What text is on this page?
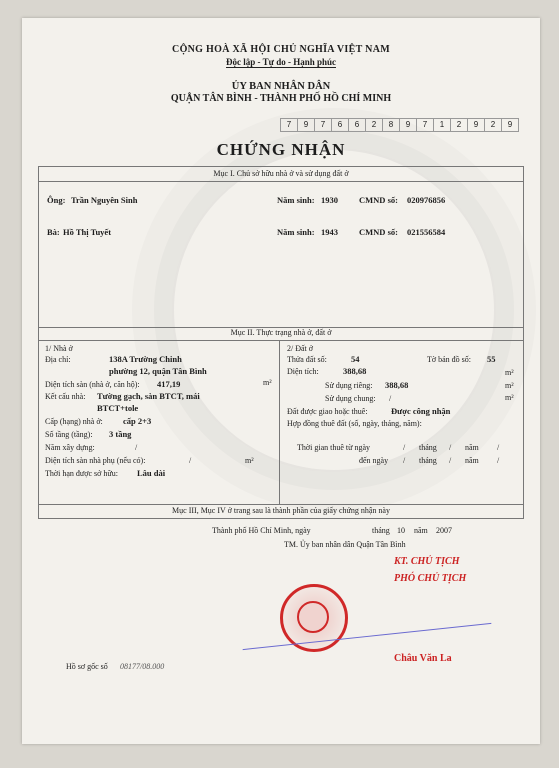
CỘNG HOÀ XÃ HỘI CHỦ NGHĨA VIỆT NAM
Độc lập - Tự do - Hạnh phúc
ỦY BAN NHÂN DÂN
QUẬN TÂN BÌNH - THÀNH PHỐ HỒ CHÍ MINH
7	9	7	6	6	2	8	9	7	1	2	9	2	9
CHỨNG NHẬN
Mục I. Chủ sở hữu nhà ở và sử dụng đất ở
Ông: Trần Nguyên Sinh	Năm sinh: 1930 CMND số: 020976856
Bà: Hồ Thị Tuyết	Năm sinh: 1943 CMND số: 021556584
Mục II. Thực trạng nhà ở, đất ở
1/ Nhà ở
Địa chỉ:	138A Trường Chinh
phường 12, quận Tân Bình
Diện tích sàn (nhà ở, căn hộ): 417,19	m²
Kết cấu nhà: Tường gạch, sàn BTCT, mái
BTCT+tole
Cấp (hạng) nhà ở: cấp 2+3
Số tầng (tầng): 3 tầng
Năm xây dựng:	/
Diện tích sàn nhà phụ (nếu có):	/	m²
Thời hạn được sở hữu: Lâu dài
2/ Đất ở
Thửa đất số:	54	Tờ bản đồ số: 55
Diện tích:	388,68	m²
Sử dụng riêng: 388,68	m²
Sử dụng chung: /	m²
Đất được giao hoặc thuê:	Được công nhận
Hợp đồng thuê đất (số, ngày, tháng, năm):
Thời gian thuê từ ngày	/ tháng / năm /
đến ngày / tháng / năm /
Mục III, Mục IV ở trang sau là thành phần của giấy chứng nhận này
Thành phố Hồ Chí Minh, ngày	tháng 10 năm 2007
TM. Ủy ban nhân dân Quận Tân Bình
KT. CHỦ TỊCH
PHÓ CHỦ TỊCH
Châu Văn La
Hồ sơ gốc số 08177/08.000
